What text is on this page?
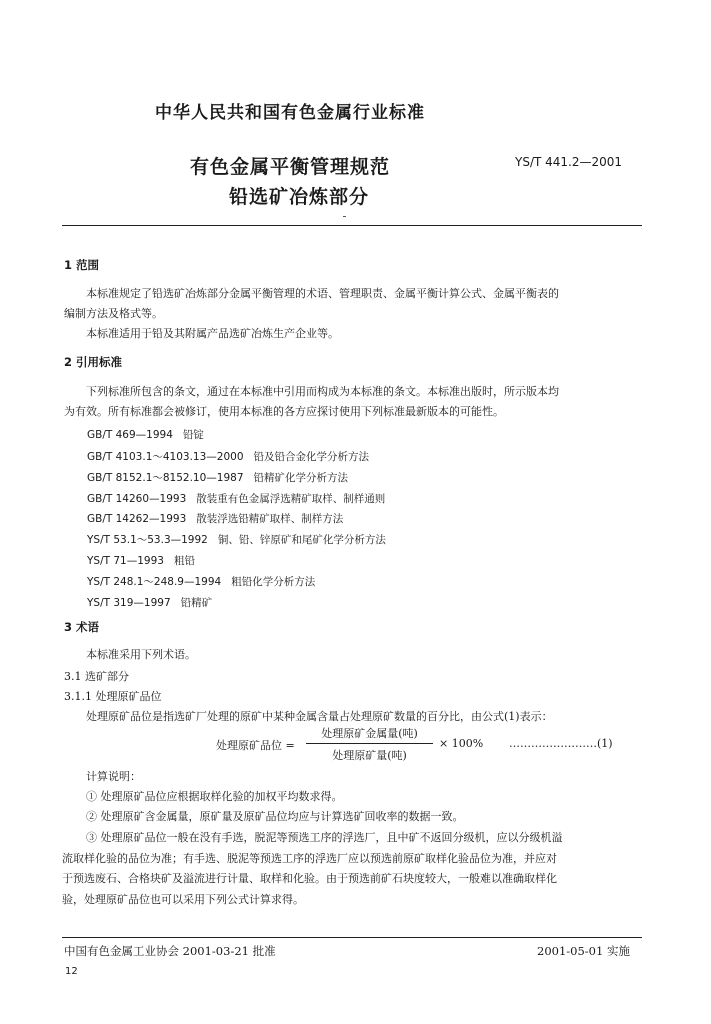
中华人民共和国有色金属行业标准
有色金属平衡管理规范
铅选矿冶炼部分
YS/T 441.2—2001
1 范围
本标准规定了铅选矿冶炼部分金属平衡管理的术语、管理职责、金属平衡计算公式、金属平衡表的
编制方法及格式等。
本标准适用于铅及其附属产品选矿冶炼生产企业等。
2 引用标准
下列标准所包含的条文，通过在本标准中引用而构成为本标准的条文。本标准出版时，所示版本均
为有效。所有标准都会被修订，使用本标准的各方应探讨使用下列标准最新版本的可能性。
GB/T 469—1994 铅锭
GB/T 4103.1～4103.13—2000 铅及铅合金化学分析方法
GB/T 8152.1～8152.10—1987 铅精矿化学分析方法
GB/T 14260—1993 散装重有色金属浮选精矿取样、制样通则
GB/T 14262—1993 散装浮选铅精矿取样、制样方法
YS/T 53.1～53.3—1992 铜、铅、锌原矿和尾矿化学分析方法
YS/T 71—1993 粗铅
YS/T 248.1～248.9—1994 粗铅化学分析方法
YS/T 319—1997 铅精矿
3 术语
本标准采用下列术语。
3.1 选矿部分
3.1.1 处理原矿品位
处理原矿品位是指选矿厂处理的原矿中某种金属含量占处理原矿数量的百分比，由公式(1)表示：
处理原矿品位 =
处理原矿金属量(吨)
处理原矿量(吨)
× 100% ……………………(1)
计算说明：
① 处理原矿品位应根据取样化验的加权平均数求得。
② 处理原矿含金属量，原矿量及原矿品位均应与计算选矿回收率的数据一致。
③ 处理原矿品位一般在没有手选，脱泥等预选工序的浮选厂，且中矿不返回分级机，应以分级机溢
流取样化验的品位为准；有手选、脱泥等预选工序的浮选厂应以预选前原矿取样化验品位为准，并应对
于预选废石、合格块矿及溢流进行计量、取样和化验。由于预选前矿石块度较大，一般难以准确取样化
验，处理原矿品位也可以采用下列公式计算求得。
中国有色金属工业协会 2001-03-21 批准	2001-05-01 实施
12
